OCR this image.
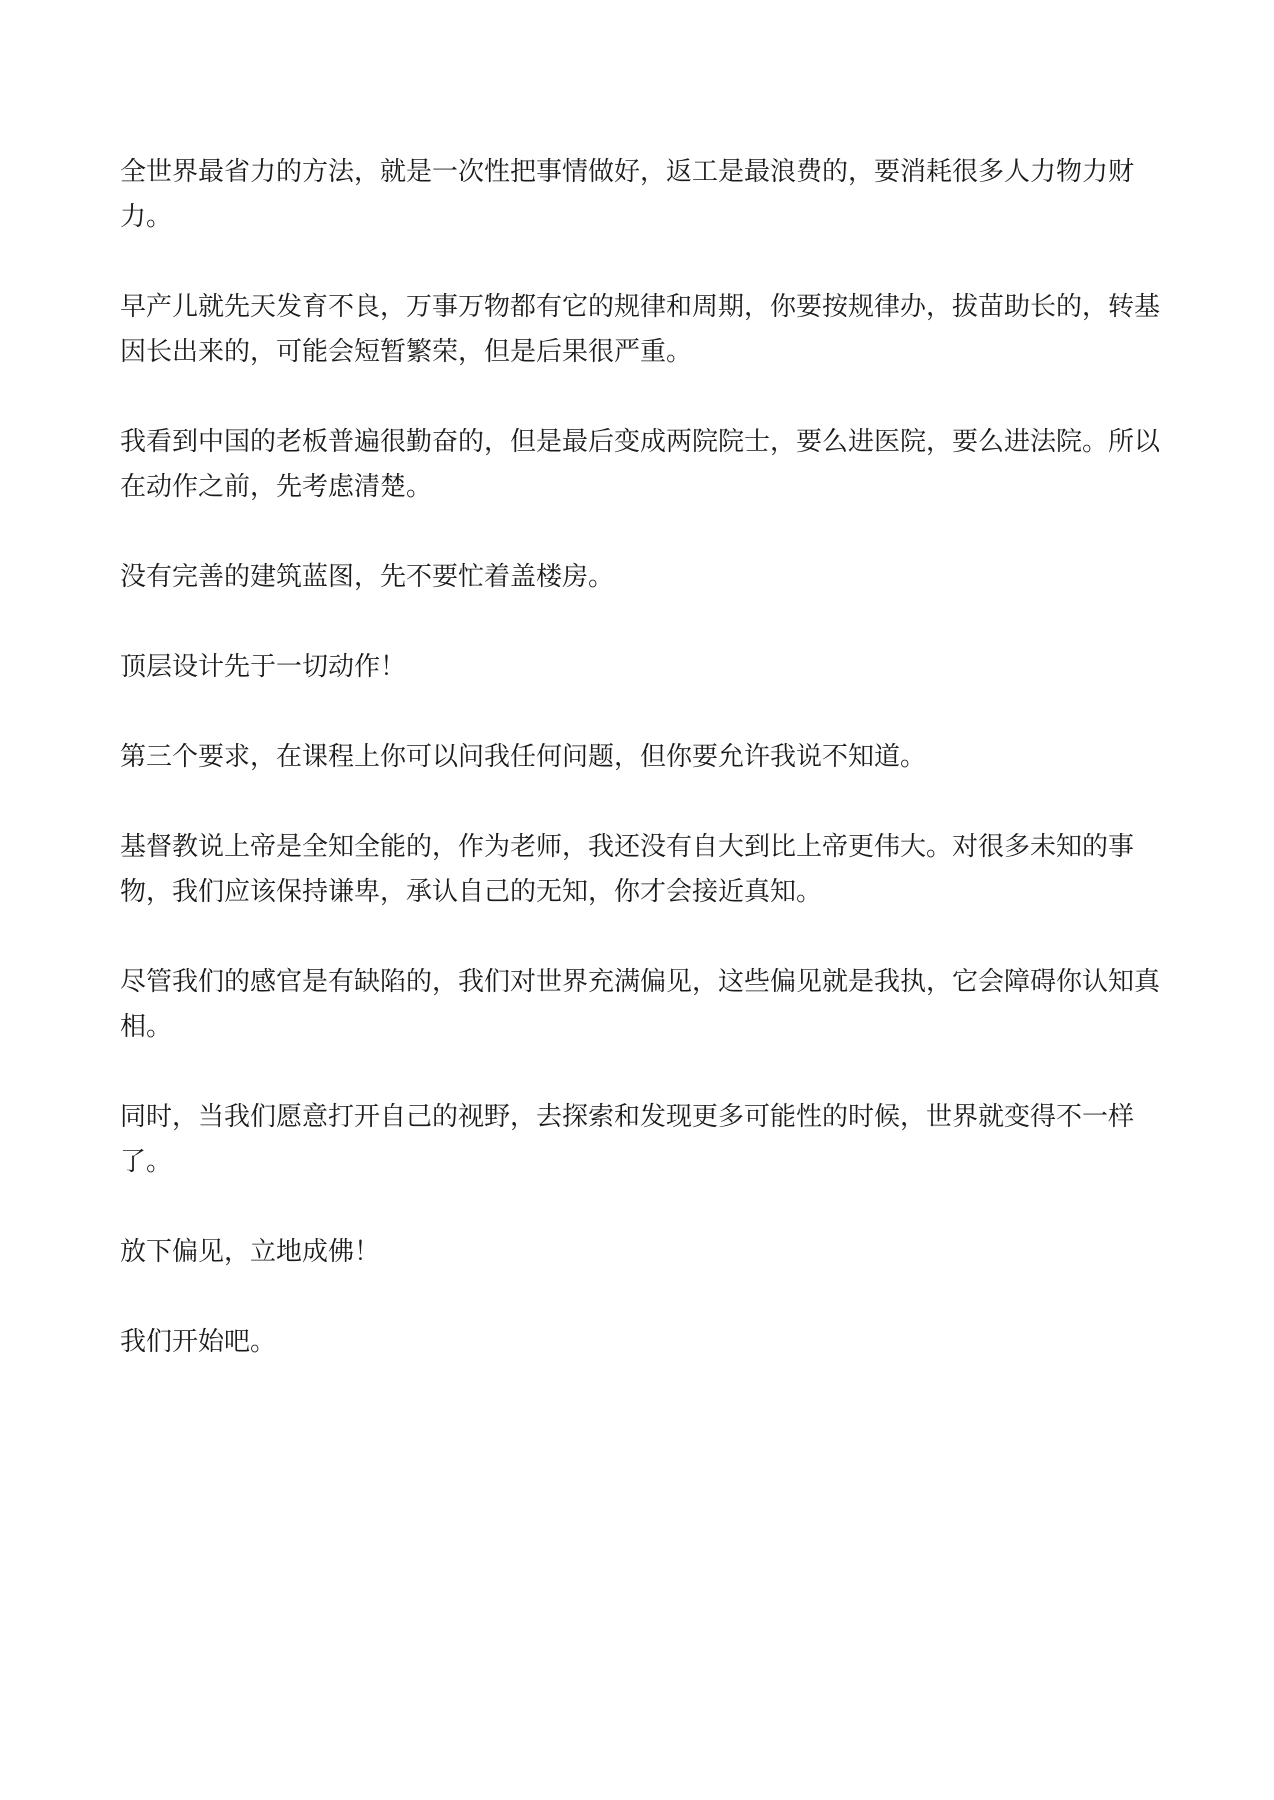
全世界最省力的方法，就是一次性把事情做好，返工是最浪费的，要消耗很多人力物力财力。

早产儿就先天发育不良，万事万物都有它的规律和周期，你要按规律办，拔苗助长的，转基因长出来的，可能会短暂繁荣，但是后果很严重。

我看到中国的老板普遍很勤奋的，但是最后变成两院院士，要么进医院，要么进法院。所以在动作之前，先考虑清楚。

没有完善的建筑蓝图，先不要忙着盖楼房。

顶层设计先于一切动作！

第三个要求，在课程上你可以问我任何问题，但你要允许我说不知道。

基督教说上帝是全知全能的，作为老师，我还没有自大到比上帝更伟大。对很多未知的事物，我们应该保持谦卑，承认自己的无知，你才会接近真知。

尽管我们的感官是有缺陷的，我们对世界充满偏见，这些偏见就是我执，它会障碍你认知真相。

同时，当我们愿意打开自己的视野，去探索和发现更多可能性的时候，世界就变得不一样了。

放下偏见，立地成佛！

我们开始吧。
